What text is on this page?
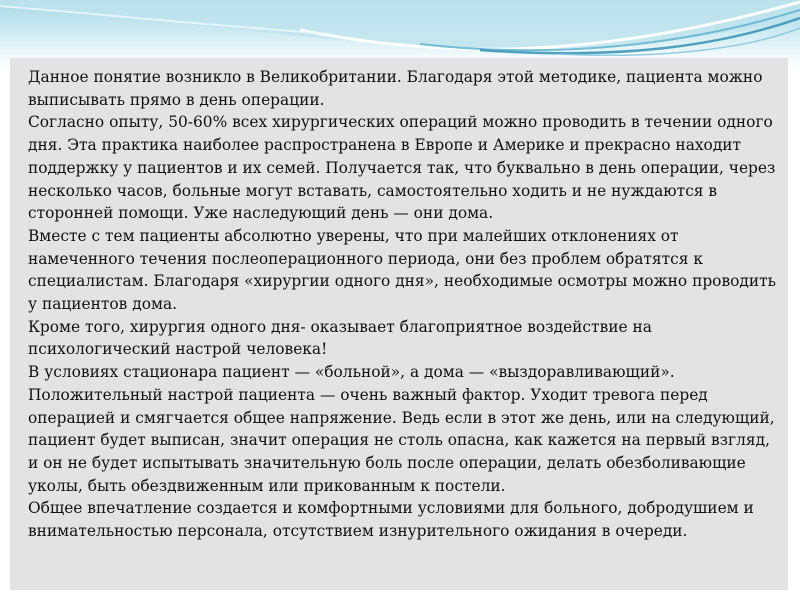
Данное понятие возникло в Великобритании. Благодаря этой методике, пациента можно выписывать прямо в день операции.
Согласно опыту, 50-60% всех хирургических операций можно проводить в течении одного дня. Эта практика наиболее распространена в Европе и Америке и прекрасно находит поддержку у пациентов и их семей. Получается так, что буквально в день операции, через несколько часов, больные могут вставать, самостоятельно ходить и не нуждаются в сторонней помощи. Уже наследующий день — они дома.
Вместе с тем пациенты абсолютно уверены, что при малейших отклонениях от намеченного течения послеоперационного периода, они без проблем обратятся к специалистам. Благодаря «хирургии одного дня», необходимые осмотры можно проводить у пациентов дома.
Кроме того, хирургия одного дня- оказывает благоприятное воздействие на психологический настрой человека!
В условиях стационара пациент — «больной», а дома — «выздоравливающий». Положительный настрой пациента — очень важный фактор. Уходит тревога перед операцией и смягчается общее напряжение. Ведь если в этот же день, или на следующий, пациент будет выписан, значит операция не столь опасна, как кажется на первый взгляд, и он не будет испытывать значительную боль после операции, делать обезболивающие уколы, быть обездвиженным или прикованным к постели.
Общее впечатление создается и комфортными условиями для больного, добродушием и внимательностью персонала, отсутствием изнурительного ожидания в очереди.
